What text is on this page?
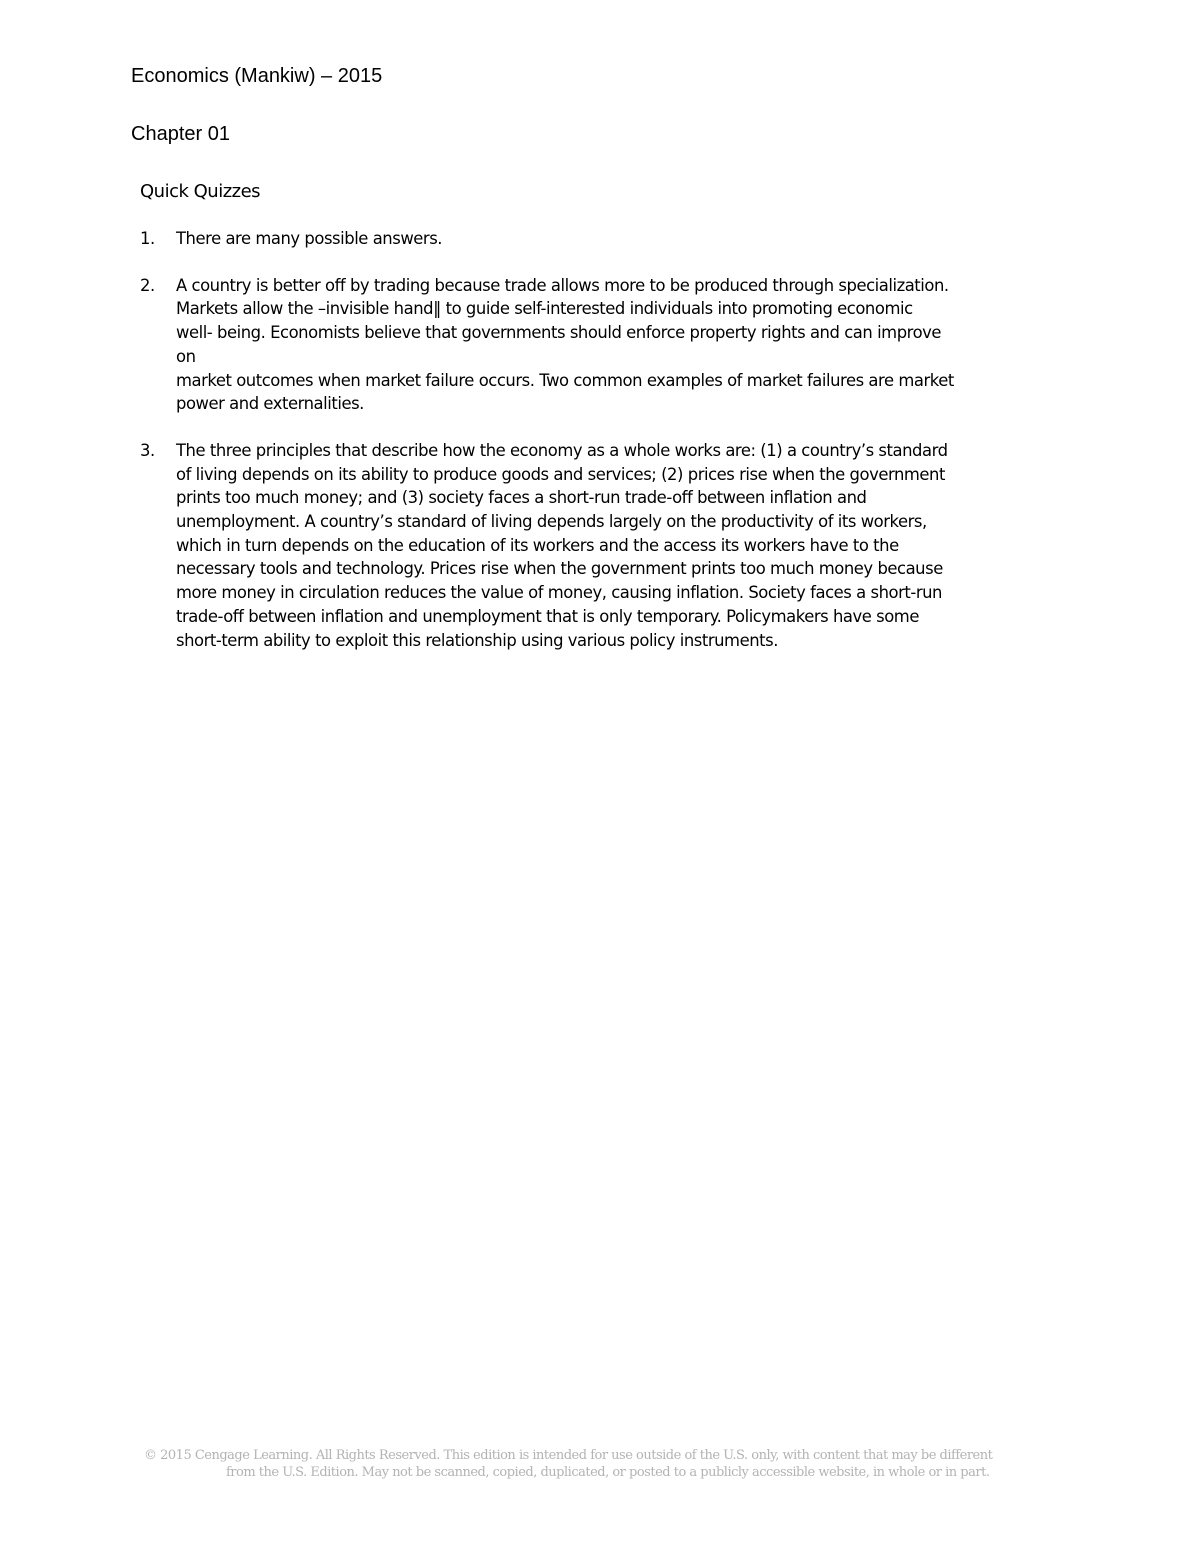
Economics (Mankiw) – 2015
Chapter 01
Quick Quizzes
1. There are many possible answers.
2. A country is better off by trading because trade allows more to be produced through specialization.
Markets allow the –invisible hand‖ to guide self-interested individuals into promoting economic
well- being. Economists believe that governments should enforce property rights and can improve
on
market outcomes when market failure occurs. Two common examples of market failures are market
power and externalities.
3. The three principles that describe how the economy as a whole works are: (1) a country’s standard
of living depends on its ability to produce goods and services; (2) prices rise when the government
prints too much money; and (3) society faces a short-run trade-off between inflation and
unemployment. A country’s standard of living depends largely on the productivity of its workers,
which in turn depends on the education of its workers and the access its workers have to the
necessary tools and technology. Prices rise when the government prints too much money because
more money in circulation reduces the value of money, causing inflation. Society faces a short-run
trade-off between inflation and unemployment that is only temporary. Policymakers have some
short-term ability to exploit this relationship using various policy instruments.
© 2015 Cengage Learning. All Rights Reserved. This edition is intended for use outside of the U.S. only, with content that may be different
from the U.S. Edition. May not be scanned, copied, duplicated, or posted to a publicly accessible website, in whole or in part.
